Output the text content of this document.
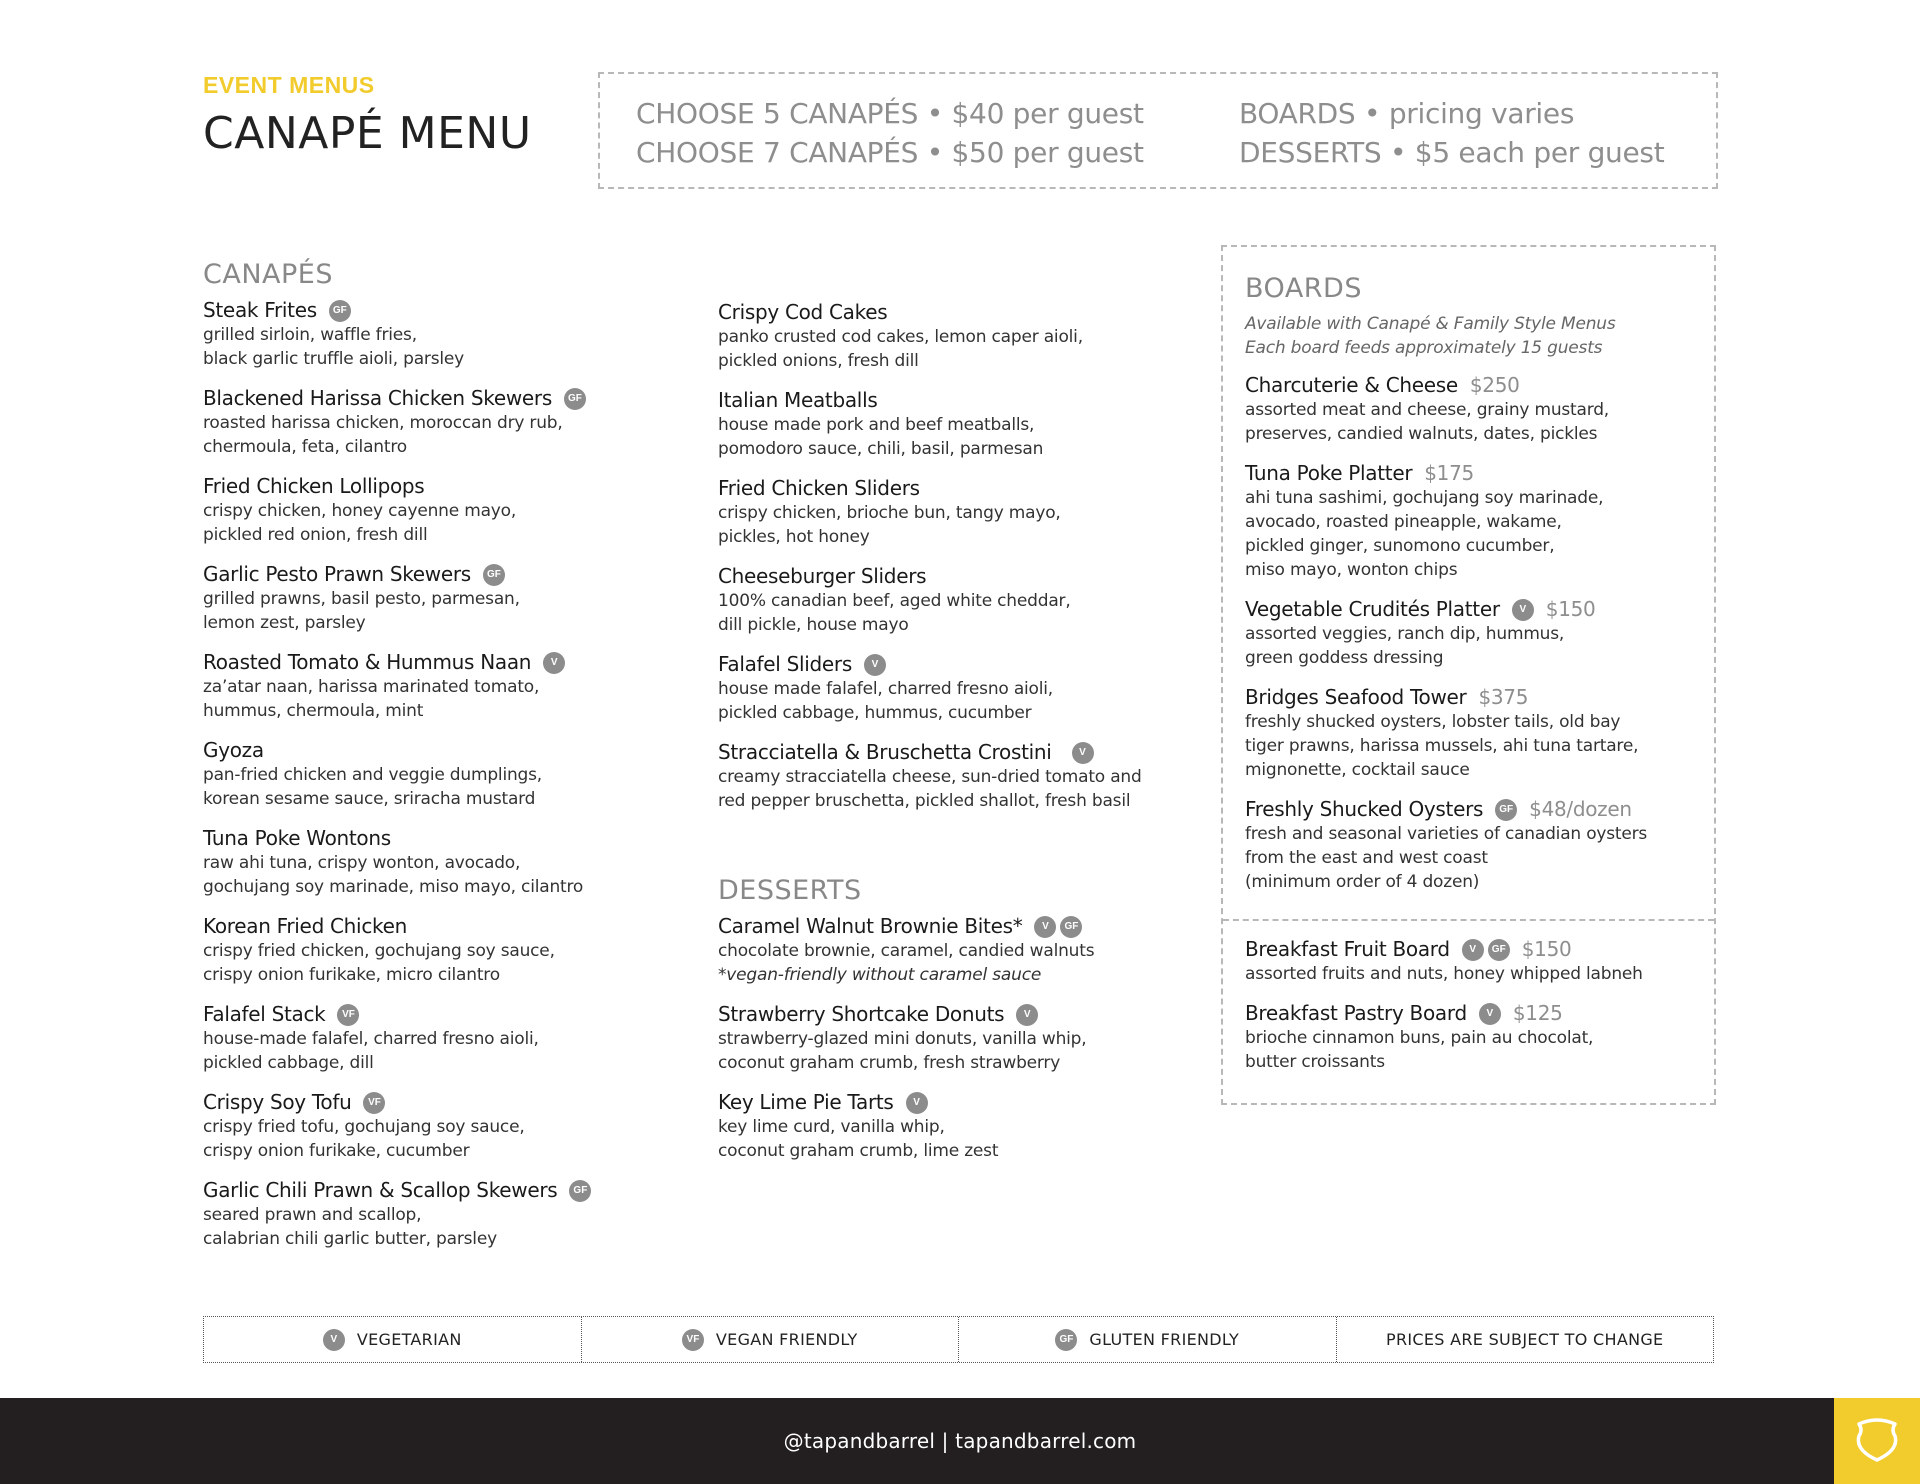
EVENT MENUS
CANAPÉ MENU	CHOOSE 5 CANAPÉS • $40 per guest
CHOOSE 7 CANAPÉS • $50 per guest
BOARDS • pricing varies
DESSERTS • $5 each per guest
CANAPÉS
Steak Frites	GF
grilled sirloin, waffle fries,
black garlic truffle aioli, parsley
Blackened Harissa Chicken Skewers	GF
roasted harissa chicken, moroccan dry rub,
chermoula, feta, cilantro
Fried Chicken Lollipops
crispy chicken, honey cayenne mayo,
pickled red onion, fresh dill
Garlic Pesto Prawn Skewers	GF
grilled prawns, basil pesto, parmesan,
lemon zest, parsley
Roasted Tomato & Hummus Naan	V
za’atar naan, harissa marinated tomato,
hummus, chermoula, mint
Gyoza
pan-fried chicken and veggie dumplings,
korean sesame sauce, sriracha mustard
Tuna Poke Wontons
raw ahi tuna, crispy wonton, avocado,
gochujang soy marinade, miso mayo, cilantro
Korean Fried Chicken
crispy fried chicken, gochujang soy sauce,
crispy onion furikake, micro cilantro
Falafel Stack	VF
house-made falafel, charred fresno aioli,
pickled cabbage, dill
Crispy Soy Tofu	VF
crispy fried tofu, gochujang soy sauce,
crispy onion furikake, cucumber
Garlic Chili Prawn & Scallop Skewers	GF
seared prawn and scallop,
calabrian chili garlic butter, parsley
Crispy Cod Cakes
panko crusted cod cakes, lemon caper aioli,
pickled onions, fresh dill
Italian Meatballs
house made pork and beef meatballs,
pomodoro sauce, chili, basil, parmesan
Fried Chicken Sliders
crispy chicken, brioche bun, tangy mayo,
pickles, hot honey
Cheeseburger Sliders
100% canadian beef, aged white cheddar,
dill pickle, house mayo
Falafel Sliders	V
house made falafel, charred fresno aioli,
pickled cabbage, hummus, cucumber
Stracciatella & Bruschetta Crostini	V
creamy stracciatella cheese, sun-dried tomato and
red pepper bruschetta, pickled shallot, fresh basil
DESSERTS
Caramel Walnut Brownie Bites*	V	GF
chocolate brownie, caramel, candied walnuts
*vegan-friendly without caramel sauce
Strawberry Shortcake Donuts	V
strawberry-glazed mini donuts, vanilla whip,
coconut graham crumb, fresh strawberry
Key Lime Pie Tarts	V
key lime curd, vanilla whip,
coconut graham crumb, lime zest
BOARDS
Available with Canapé & Family Style Menus
Each board feeds approximately 15 guests
Charcuterie & Cheese $250
assorted meat and cheese, grainy mustard,
preserves, candied walnuts, dates, pickles
Tuna Poke Platter $175
ahi tuna sashimi, gochujang soy marinade,
avocado, roasted pineapple, wakame,
pickled ginger, sunomono cucumber,
miso mayo, wonton chips
Vegetable Crudités Platter	V $150
assorted veggies, ranch dip, hummus,
green goddess dressing
Bridges Seafood Tower $375
freshly shucked oysters, lobster tails, old bay
tiger prawns, harissa mussels, ahi tuna tartare,
mignonette, cocktail sauce
Freshly Shucked Oysters	GF $48/dozen
fresh and seasonal varieties of canadian oysters
from the east and west coast
(minimum order of 4 dozen)
Breakfast Fruit Board	V	GF $150
assorted fruits and nuts, honey whipped labneh
Breakfast Pastry Board	V $125
brioche cinnamon buns, pain au chocolat,
butter croissants
V	VEGETARIAN	VF VEGAN FRIENDLY	GF GLUTEN FRIENDLY	PRICES ARE SUBJECT TO CHANGE
@tapandbarrel | tapandbarrel.com
